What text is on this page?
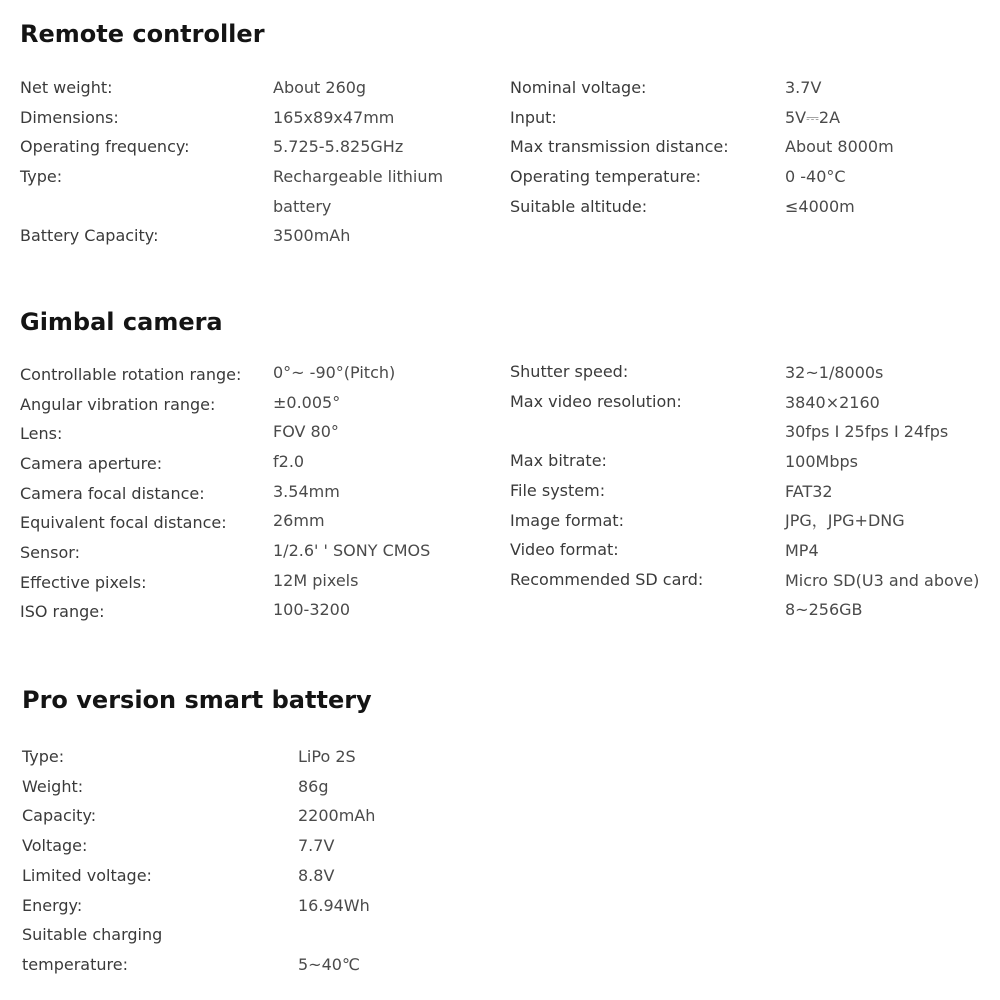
Remote controller
Net weight:	About 260g
Dimensions:	165x89x47mm
Operating frequency:	5.725-5.825GHz
Type:	Rechargeable lithium
battery
Battery Capacity:	3500mAh
Nominal voltage:	3.7V
Input:	5V⎓2A
Max transmission distance:	About 8000m
Operating temperature:	0 -40°C
Suitable altitude:	≤4000m
Gimbal camera
Controllable rotation range: 0°~ -90°(Pitch)
Angular vibration range:	±0.005°
Lens:	FOV 80°
Camera aperture:	f2.0
Camera focal distance:	3.54mm
Equivalent focal distance:	26mm
Sensor:	1/2.6' ' SONY CMOS
Effective pixels:	12M pixels
ISO range:	100-3200
Shutter speed:	32~1/8000s
Max video resolution:	3840×2160
30fps I 25fps I 24fps
Max bitrate:	100Mbps
File system:	FAT32
Image format:	JPG，JPG+DNG
Video format:	MP4
Recommended SD card:	Micro SD(U3 and above)
8~256GB
Pro version smart battery
Type:	LiPo 2S
Weight:	86g
Capacity:	2200mAh
Voltage:	7.7V
Limited voltage:	8.8V
Energy:	16.94Wh
Suitable charging
temperature:	5~40℃
